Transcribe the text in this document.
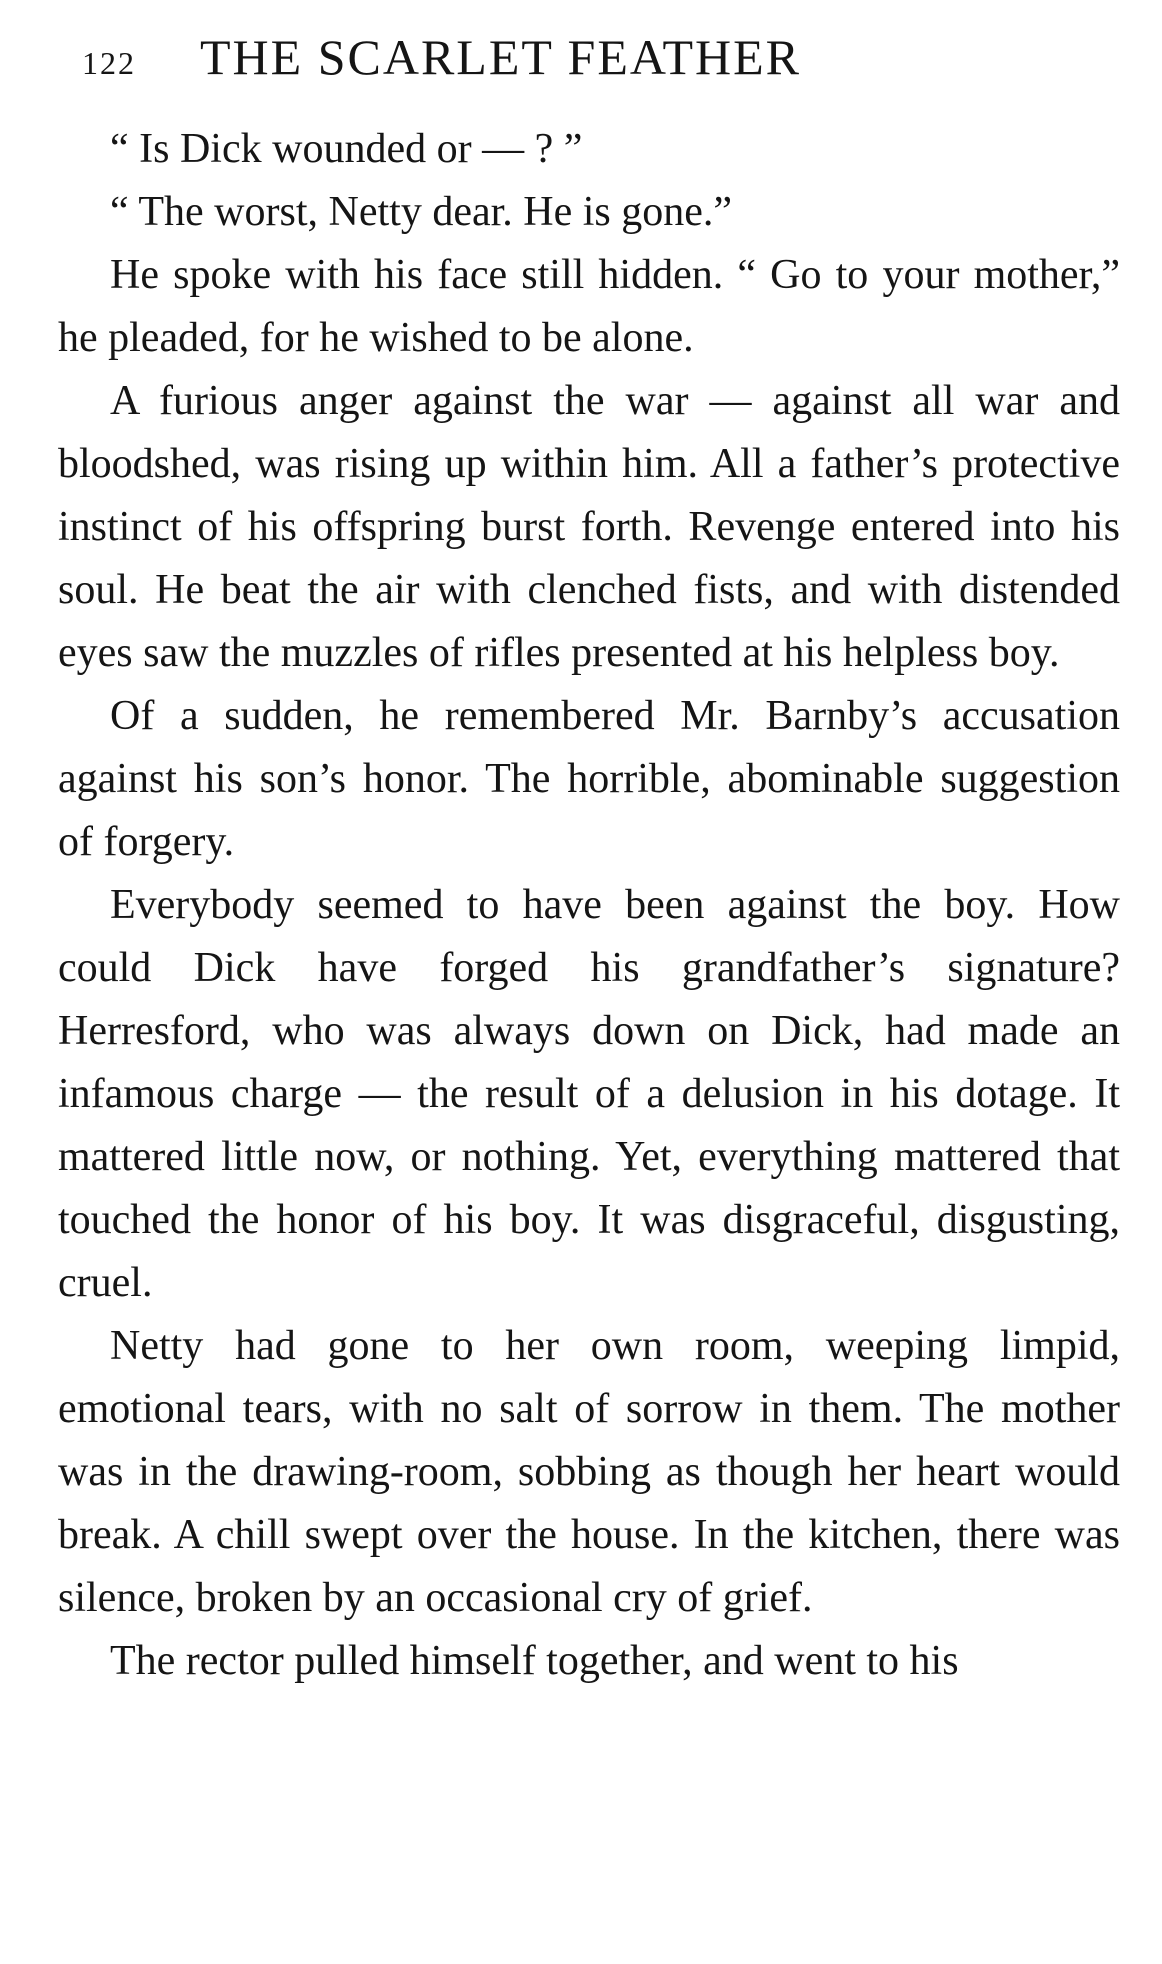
122 THE SCARLET FEATHER

“ Is Dick wounded or — ? ”

“ The worst, Netty dear. He is gone.”

He spoke with his face still hidden. “ Go to your mother,” he pleaded, for he wished to be alone.

A furious anger against the war — against all war and bloodshed, was rising up within him. All a father’s protective instinct of his offspring burst forth. Revenge entered into his soul. He beat the air with clenched fists, and with distended eyes saw the muzzles of rifles presented at his helpless boy.

Of a sudden, he remembered Mr. Barnby’s accusation against his son’s honor. The horrible, abominable suggestion of forgery.

Everybody seemed to have been against the boy. How could Dick have forged his grandfather’s signature? Herresford, who was always down on Dick, had made an infamous charge — the result of a delusion in his dotage. It mattered little now, or nothing. Yet, everything mattered that touched the honor of his boy. It was disgraceful, disgusting, cruel.

Netty had gone to her own room, weeping limpid, emotional tears, with no salt of sorrow in them. The mother was in the drawing-room, sobbing as though her heart would break. A chill swept over the house. In the kitchen, there was silence, broken by an occasional cry of grief.

The rector pulled himself together, and went to his
